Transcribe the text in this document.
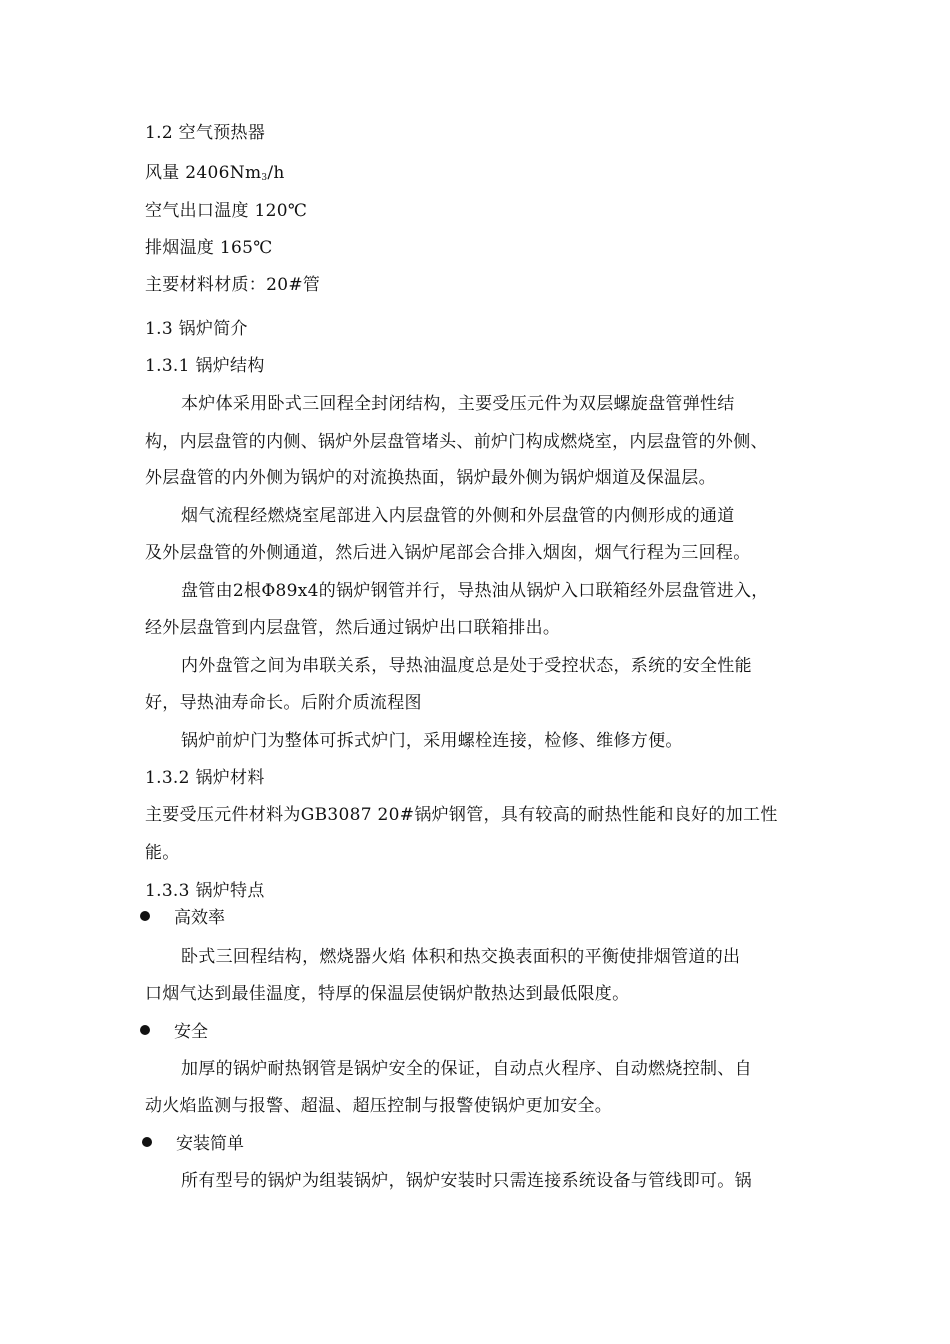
1.2 空气预热器
风量 $2406Nm_3/h$
空气出口温度 120℃
排烟温度 165℃
主要材料材质：20#管
1.3 锅炉简介
1.3.1 锅炉结构
本炉体采用卧式三回程全封闭结构，主要受压元件为双层螺旋盘管弹性结
构，内层盘管的内侧、锅炉外层盘管堵头、前炉门构成燃烧室，内层盘管的外侧、
外层盘管的内外侧为锅炉的对流换热面，锅炉最外侧为锅炉烟道及保温层。
烟气流程经燃烧室尾部进入内层盘管的外侧和外层盘管的内侧形成的通道
及外层盘管的外侧通道，然后进入锅炉尾部会合排入烟囱，烟气行程为三回程。
盘管由2根Φ89x4的锅炉钢管并行，导热油从锅炉入口联箱经外层盘管进入，
经外层盘管到内层盘管，然后通过锅炉出口联箱排出。
内外盘管之间为串联关系，导热油温度总是处于受控状态，系统的安全性能
好，导热油寿命长。后附介质流程图
锅炉前炉门为整体可拆式炉门，采用螺栓连接，检修、维修方便。
1.3.2 锅炉材料
主要受压元件材料为GB3087 20#锅炉钢管，具有较高的耐热性能和良好的加工性
能。
1.3.3 锅炉特点
高效率
卧式三回程结构，燃烧器火焰 体积和热交换表面积的平衡使排烟管道的出
口烟气达到最佳温度，特厚的保温层使锅炉散热达到最低限度。
安全
加厚的锅炉耐热钢管是锅炉安全的保证，自动点火程序、自动燃烧控制、自
动火焰监测与报警、超温、超压控制与报警使锅炉更加安全。
安装简单
所有型号的锅炉为组装锅炉，锅炉安装时只需连接系统设备与管线即可。锅
